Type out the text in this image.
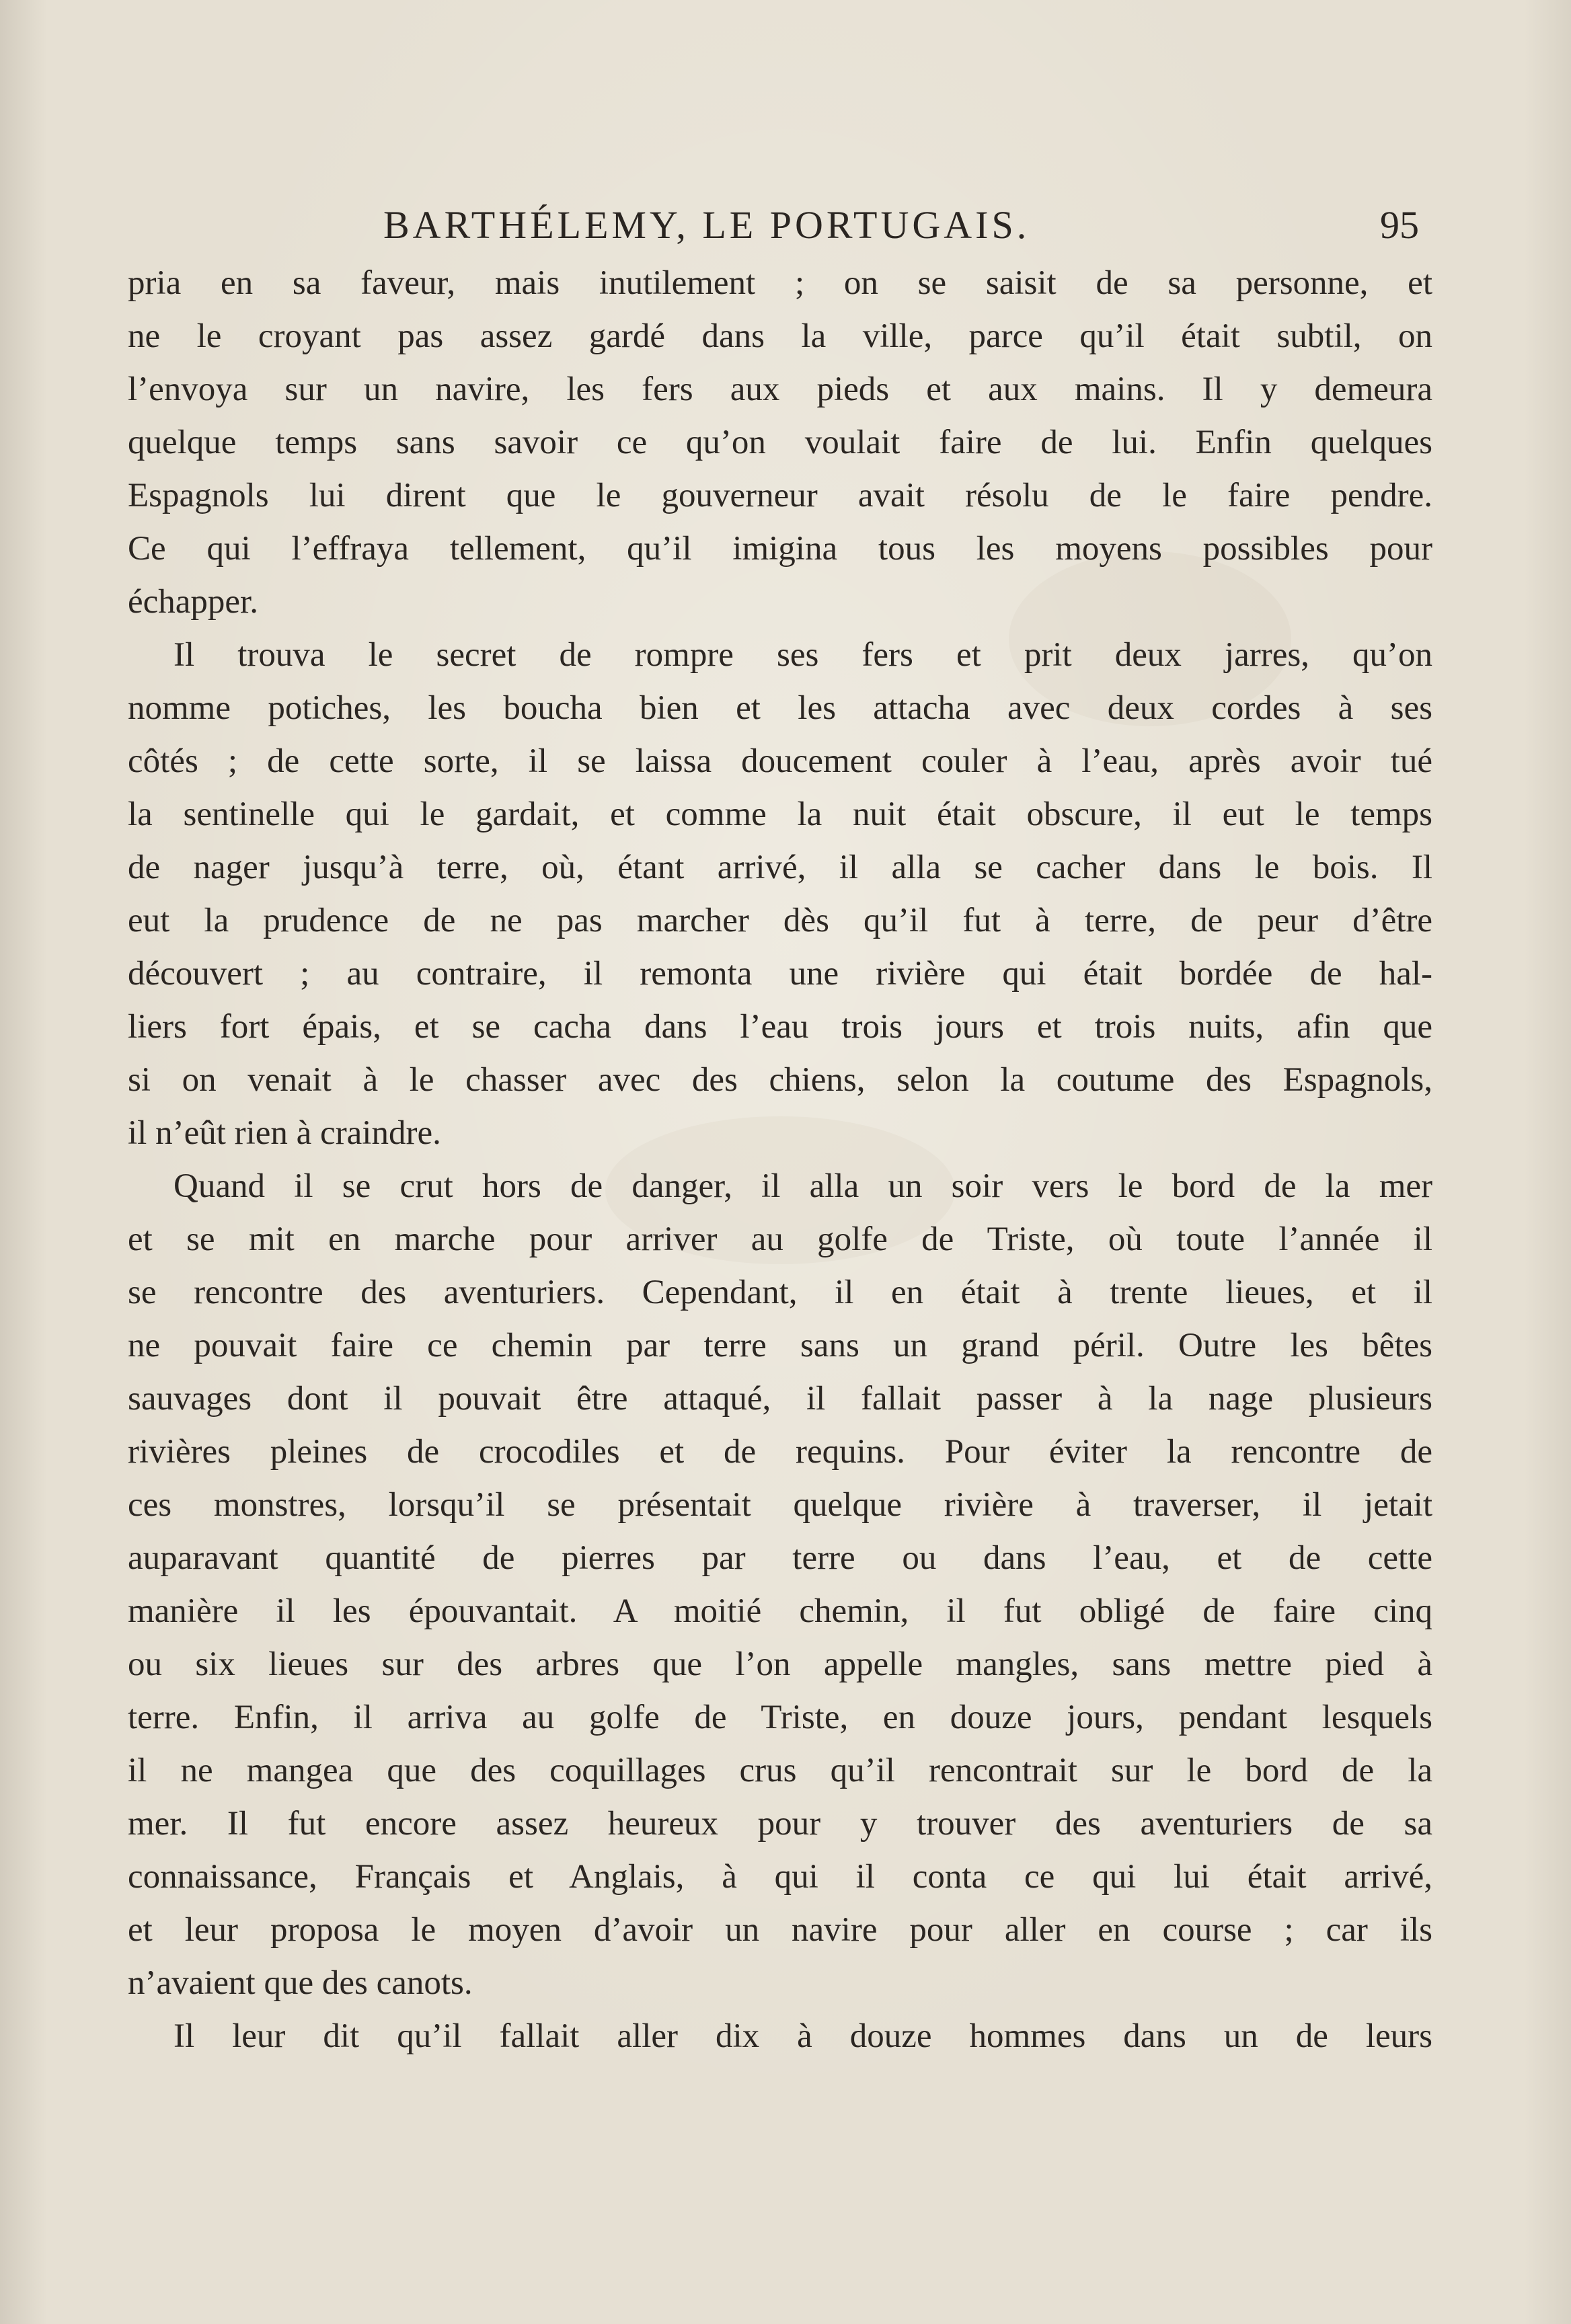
BARTHÉLEMY, LE PORTUGAIS.	95
pria en sa faveur, mais inutilement ; on se saisit de sa personne, et
ne le croyant pas assez gardé dans la ville, parce qu’il était subtil, on
l’envoya sur un navire, les fers aux pieds et aux mains. Il y demeura
quelque temps sans savoir ce qu’on voulait faire de lui. Enfin quelques
Espagnols lui dirent que le gouverneur avait résolu de le faire pendre.
Ce qui l’effraya tellement, qu’il imigina tous les moyens possibles pour
échapper.
Il trouva le secret de rompre ses fers et prit deux jarres, qu’on
nomme potiches, les boucha bien et les attacha avec deux cordes à ses
côtés ; de cette sorte, il se laissa doucement couler à l’eau, après avoir tué
la sentinelle qui le gardait, et comme la nuit était obscure, il eut le temps
de nager jusqu’à terre, où, étant arrivé, il alla se cacher dans le bois. Il
eut la prudence de ne pas marcher dès qu’il fut à terre, de peur d’être
découvert ; au contraire, il remonta une rivière qui était bordée de hal-
liers fort épais, et se cacha dans l’eau trois jours et trois nuits, afin que
si on venait à le chasser avec des chiens, selon la coutume des Espagnols,
il n’eût rien à craindre.
Quand il se crut hors de danger, il alla un soir vers le bord de la mer
et se mit en marche pour arriver au golfe de Triste, où toute l’année il
se rencontre des aventuriers. Cependant, il en était à trente lieues, et il
ne pouvait faire ce chemin par terre sans un grand péril. Outre les bêtes
sauvages dont il pouvait être attaqué, il fallait passer à la nage plusieurs
rivières pleines de crocodiles et de requins. Pour éviter la rencontre de
ces monstres, lorsqu’il se présentait quelque rivière à traverser, il jetait
auparavant quantité de pierres par terre ou dans l’eau, et de cette
manière il les épouvantait. A moitié chemin, il fut obligé de faire cinq
ou six lieues sur des arbres que l’on appelle mangles, sans mettre pied à
terre. Enfin, il arriva au golfe de Triste, en douze jours, pendant lesquels
il ne mangea que des coquillages crus qu’il rencontrait sur le bord de la
mer. Il fut encore assez heureux pour y trouver des aventuriers de sa
connaissance, Français et Anglais, à qui il conta ce qui lui était arrivé,
et leur proposa le moyen d’avoir un navire pour aller en course ; car ils
n’avaient que des canots.
Il leur dit qu’il fallait aller dix à douze hommes dans un de leurs
